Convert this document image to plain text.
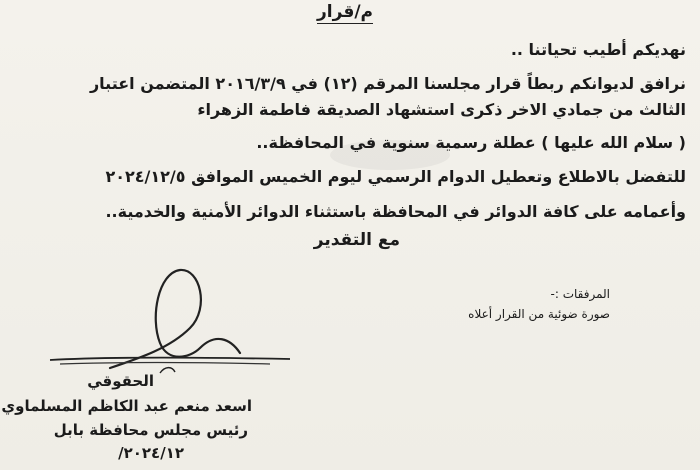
م/قرار
نهديكم أطيب تحياتنا ..
نرافق لديوانكم ربطاً قرار مجلسنا المرقم (١٢) في ٢٠١٦/٣/٩ المتضمن اعتبار
الثالث من جمادي الاخر ذكرى استشهاد الصديقة فاطمة الزهراء
( سلام الله عليها ) عطلة رسمية سنوية في المحافظة..
للتفضل بالاطلاع وتعطيل الدوام الرسمي ليوم الخميس الموافق ٢٠٢٤/١٢/٥
وأعمامه على كافة الدوائر في المحافظة باستثناء الدوائر الأمنية والخدمية..
مع التقدير
المرفقات :-
صورة ضوئية من القرار أعلاه
الحقوقي
اسعد منعم عبد الكاظم المسلماوي
رئيس مجلس محافظة بابل
٢٠٢٤/١٢/
